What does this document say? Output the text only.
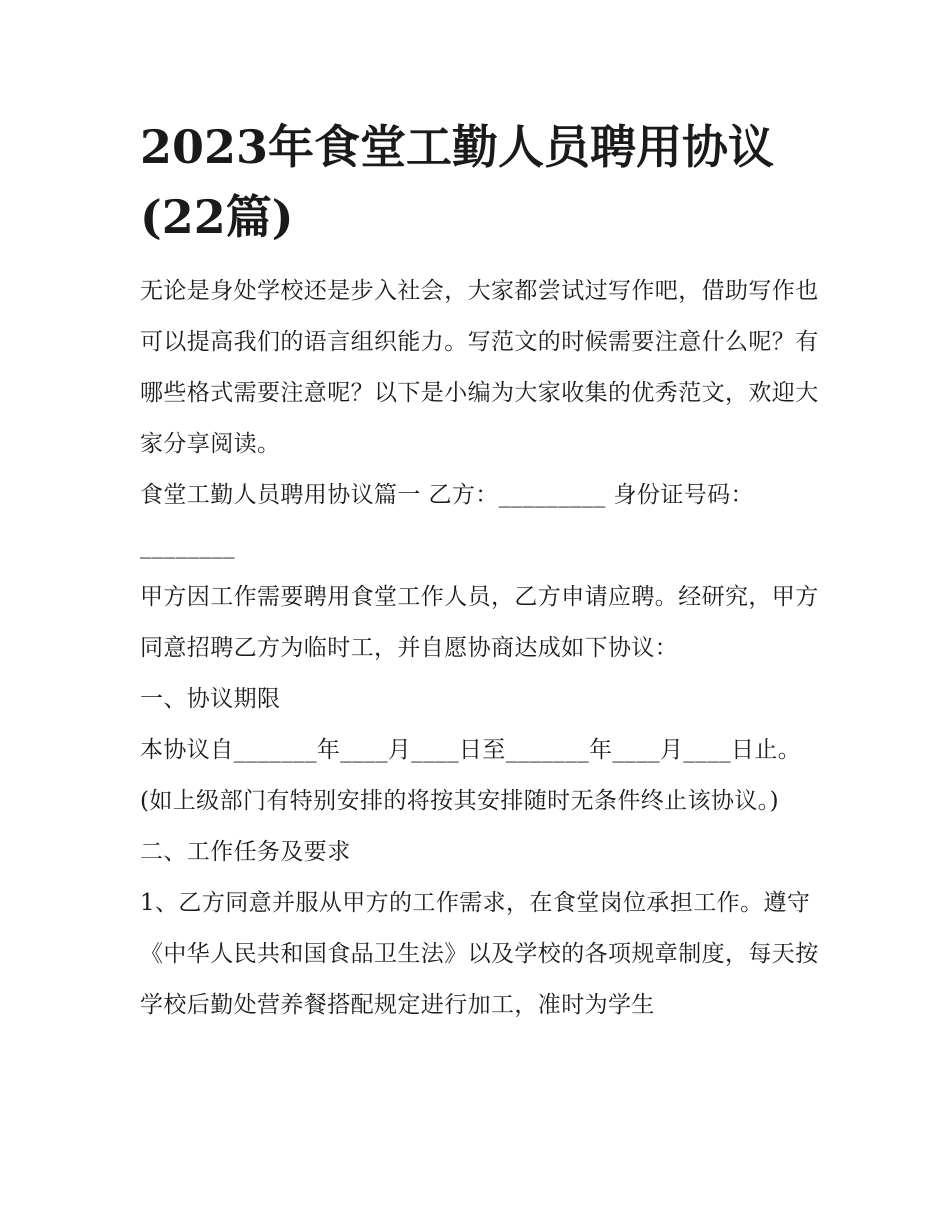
2023年食堂工勤人员聘用协议
(22篇)

无论是身处学校还是步入社会，大家都尝试过写作吧，借助写作也可以提高我们的语言组织能力。写范文的时候需要注意什么呢？有哪些格式需要注意呢？以下是小编为大家收集的优秀范文，欢迎大家分享阅读。

食堂工勤人员聘用协议篇一 乙方：_________ 身份证号码：________

甲方因工作需要聘用食堂工作人员，乙方申请应聘。经研究，甲方同意招聘乙方为临时工，并自愿协商达成如下协议：

一、协议期限

本协议自_______年____月____日至_______年____月____日止。(如上级部门有特别安排的将按其安排随时无条件终止该协议。)

二、工作任务及要求

1、乙方同意并服从甲方的工作需求，在食堂岗位承担工作。遵守《中华人民共和国食品卫生法》以及学校的各项规章制度，每天按学校后勤处营养餐搭配规定进行加工，准时为学生
